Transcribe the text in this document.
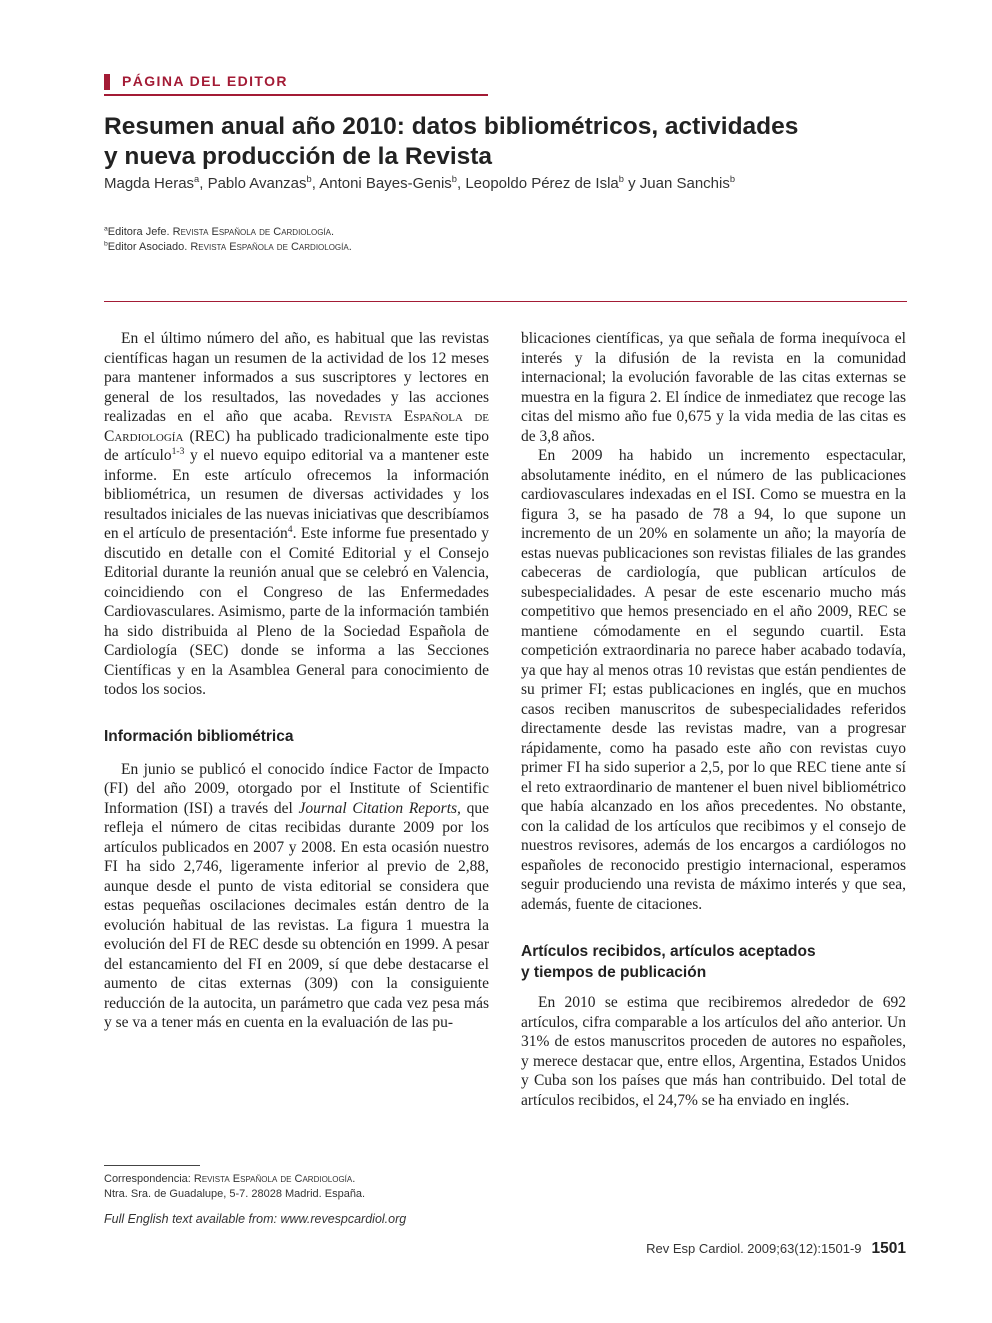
PÁGINA DEL EDITOR
Resumen anual año 2010: datos bibliométricos, actividades
y nueva producción de la Revista
Magda Heras$^a$, Pablo Avanzas$^b$, Antoni Bayes-Genis$^b$, Leopoldo Pérez de Isla$^b$ y Juan Sanchis$^b$
$^a$Editora Jefe. Revista Española de Cardiología.
$^b$Editor Asociado. Revista Española de Cardiología.

En el último número del año, es habitual que las revistas científicas hagan un resumen de la actividad de los 12 meses para mantener informados a sus suscriptores y lectores en general de los resultados, las novedades y las acciones realizadas en el año que acaba. Revista Española de Cardiología (REC) ha publicado tradicionalmente este tipo de artículo$^{1-3}$ y el nuevo equipo editorial va a mantener este informe. En este artículo ofrecemos la información bibliométrica, un resumen de diversas actividades y los resultados iniciales de las nuevas iniciativas que describíamos en el artículo de presentación$^4$. Este informe fue presentado y discutido en detalle con el Comité Editorial y el Consejo Editorial durante la reunión anual que se celebró en Valencia, coincidiendo con el Congreso de las Enfermedades Cardiovasculares. Asimismo, parte de la información también ha sido distribuida al Pleno de la Sociedad Española de Cardiología (SEC) donde se informa a las Secciones Científicas y en la Asamblea General para conocimiento de todos los socios.

Información bibliométrica

En junio se publicó el conocido índice Factor de Impacto (FI) del año 2009, otorgado por el Institute of Scientific Information (ISI) a través del Journal Citation Reports, que refleja el número de citas recibidas durante 2009 por los artículos publicados en 2007 y 2008. En esta ocasión nuestro FI ha sido 2,746, ligeramente inferior al previo de 2,88, aunque desde el punto de vista editorial se considera que estas pequeñas oscilaciones decimales están dentro de la evolución habitual de las revistas. La figura 1 muestra la evolución del FI de REC desde su obtención en 1999. A pesar del estancamiento del FI en 2009, sí que debe destacarse el aumento de citas externas (309) con la consiguiente reducción de la autocita, un parámetro que cada vez pesa más y se va a tener más en cuenta en la evaluación de las pu-

blicaciones científicas, ya que señala de forma inequívoca el interés y la difusión de la revista en la comunidad internacional; la evolución favorable de las citas externas se muestra en la figura 2. El índice de inmediatez que recoge las citas del mismo año fue 0,675 y la vida media de las citas es de 3,8 años.

En 2009 ha habido un incremento espectacular, absolutamente inédito, en el número de las publicaciones cardiovasculares indexadas en el ISI. Como se muestra en la figura 3, se ha pasado de 78 a 94, lo que supone un incremento de un 20% en solamente un año; la mayoría de estas nuevas publicaciones son revistas filiales de las grandes cabeceras de cardiología, que publican artículos de subespecialidades. A pesar de este escenario mucho más competitivo que hemos presenciado en el año 2009, REC se mantiene cómodamente en el segundo cuartil. Esta competición extraordinaria no parece haber acabado todavía, ya que hay al menos otras 10 revistas que están pendientes de su primer FI; estas publicaciones en inglés, que en muchos casos reciben manuscritos de subespecialidades referidos directamente desde las revistas madre, van a progresar rápidamente, como ha pasado este año con revistas cuyo primer FI ha sido superior a 2,5, por lo que REC tiene ante sí el reto extraordinario de mantener el buen nivel bibliométrico que había alcanzado en los años precedentes. No obstante, con la calidad de los artículos que recibimos y el consejo de nuestros revisores, además de los encargos a cardiólogos no españoles de reconocido prestigio internacional, esperamos seguir produciendo una revista de máximo interés y que sea, además, fuente de citaciones.

Artículos recibidos, artículos aceptados
y tiempos de publicación

En 2010 se estima que recibiremos alrededor de 692 artículos, cifra comparable a los artículos del año anterior. Un 31% de estos manuscritos proceden de autores no españoles, y merece destacar que, entre ellos, Argentina, Estados Unidos y Cuba son los países que más han contribuido. Del total de artículos recibidos, el 24,7% se ha enviado en inglés.

Correspondencia: Revista Española de Cardiología.
Ntra. Sra. de Guadalupe, 5-7. 28028 Madrid. España.
Full English text available from: www.revespcardiol.org
Rev Esp Cardiol. 2009;63(12):1501-9 1501
